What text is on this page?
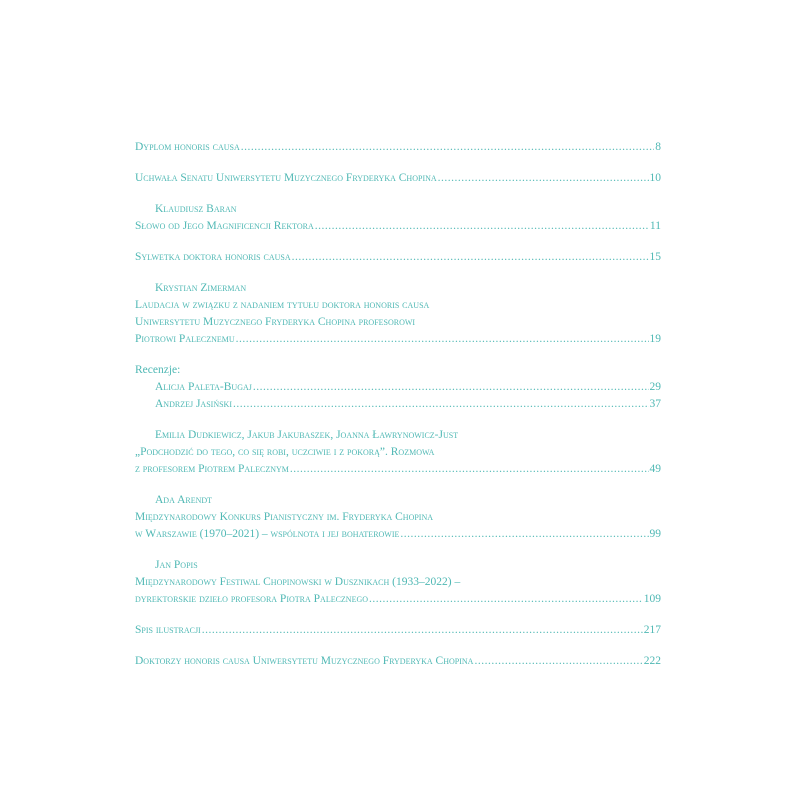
Dyplom honoris causa .....	8
Uchwała Senatu Uniwersytetu Muzycznego Fryderyka Chopina .....	10
Klaudiusz Baran
Słowo od Jego Magnificencji Rektora .....	11
Sylwetka doktora honoris causa .....	15
Krystian Zimerman
Laudacja w związku z nadaniem tytułu doktora honoris causa
Uniwersytetu Muzycznego Fryderyka Chopina profesorowi
Piotrowi Palecznemu .....	19
Recenzje:
Alicja Paleta-Bugaj .....	29
Andrzej Jasiński .....	37
Emilia Dudkiewicz, Jakub Jakubaszek, Joanna Ławrynowicz-Just
„Podchodzić do tego, co się robi, uczciwie i z pokorą”. Rozmowa
z profesorem Piotrem Palecznym .....	49
Ada Arendt
Międzynarodowy Konkurs Pianistyczny im. Fryderyka Chopina
w Warszawie (1970–2021) – wspólnota i jej bohaterowie .....	99
Jan Popis
Międzynarodowy Festiwal Chopinowski w Dusznikach (1933–2022) –
dyrektorskie dzieło profesora Piotra Palecznego .....	109
Spis ilustracji .....	217
Doktorzy honoris causa Uniwersytetu Muzycznego Fryderyka Chopina .....	222
